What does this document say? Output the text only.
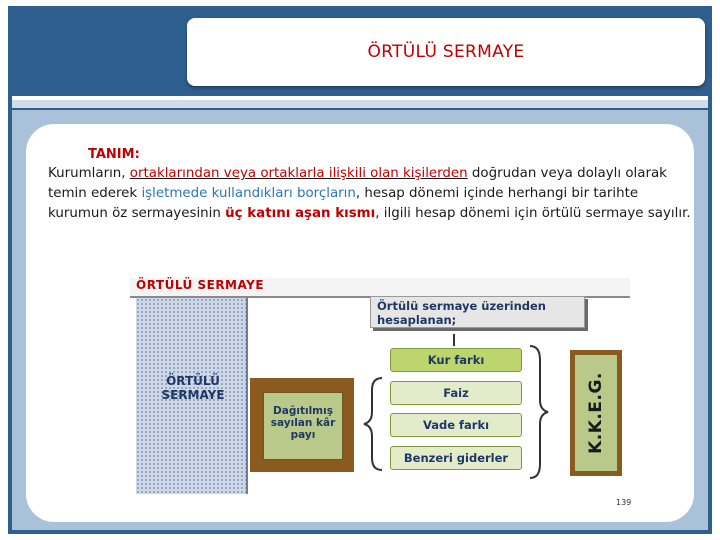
ÖRTÜLÜ SERMAYE
TANIM:
Kurumların, ortaklarından veya ortaklarla ilişkili olan kişilerden doğrudan veya dolaylı olarak temin ederek işletmede kullandıkları borçların, hesap dönemi içinde herhangi bir tarihte kurumun öz sermayesinin üç katını aşan kısmı, ilgili hesap dönemi için örtülü sermaye sayılır.
ÖRTÜLÜ SERMAYE
ÖRTÜLÜ SERMAYE
Örtülü sermaye üzerinden hesaplanan;
Dağıtılmış sayılan kâr payı
Kur farkı
Faiz
Vade farkı
Benzeri giderler
K.K.E.G.
139
